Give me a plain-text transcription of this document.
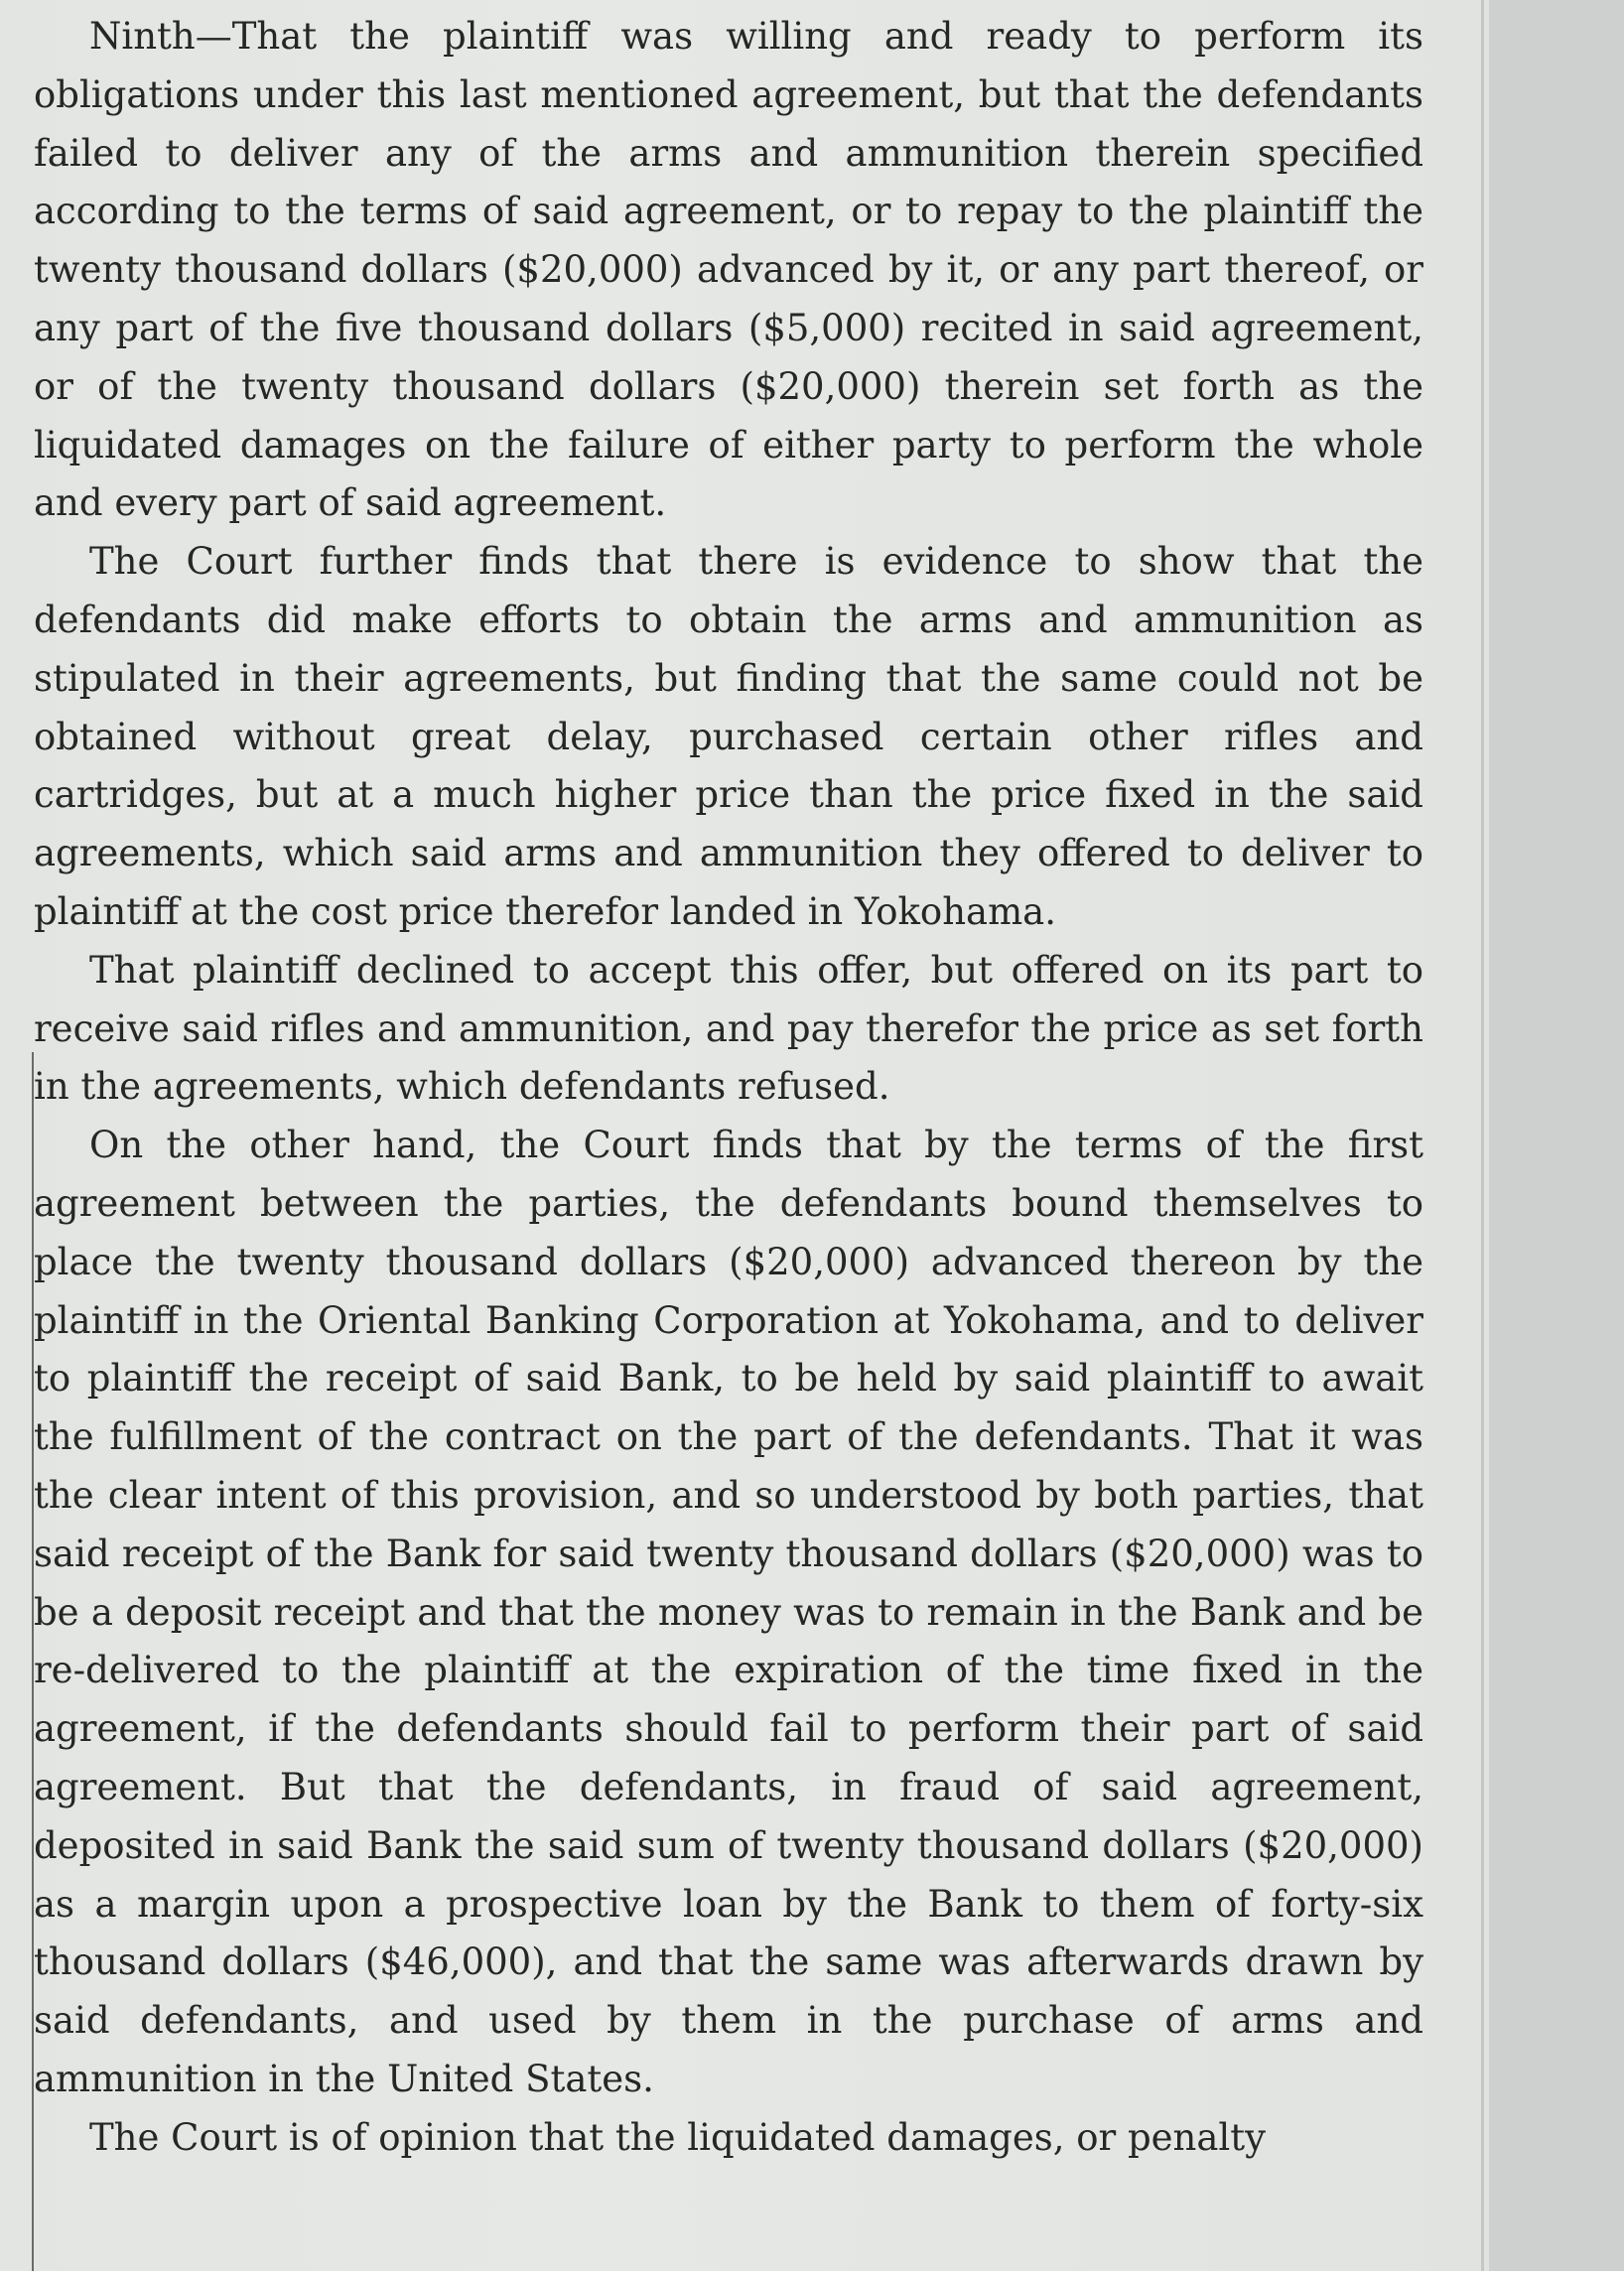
Ninth—That the plaintiff was willing and ready to perform its obligations under this last mentioned agreement, but that the defendants failed to deliver any of the arms and ammunition therein specified according to the terms of said agreement, or to repay to the plaintiff the twenty thousand dollars ($20,000) advanced by it, or any part thereof, or any part of the five thousand dollars ($5,000) recited in said agreement, or of the twenty thousand dollars ($20,000) therein set forth as the liquidated damages on the failure of either party to perform the whole and every part of said agreement.

The Court further finds that there is evidence to show that the defendants did make efforts to obtain the arms and ammunition as stipulated in their agreements, but finding that the same could not be obtained without great delay, purchased certain other rifles and cartridges, but at a much higher price than the price fixed in the said agreements, which said arms and ammunition they offered to deliver to plaintiff at the cost price therefor landed in Yokohama.

That plaintiff declined to accept this offer, but offered on its part to receive said rifles and ammunition, and pay therefor the price as set forth in the agreements, which defendants refused.

On the other hand, the Court finds that by the terms of the first agreement between the parties, the defendants bound themselves to place the twenty thousand dollars ($20,000) advanced thereon by the plaintiff in the Oriental Banking Corporation at Yokohama, and to deliver to plaintiff the receipt of said Bank, to be held by said plaintiff to await the fulfillment of the contract on the part of the defendants. That it was the clear intent of this provision, and so understood by both parties, that said receipt of the Bank for said twenty thousand dollars ($20,000) was to be a deposit receipt and that the money was to remain in the Bank and be re-delivered to the plaintiff at the expiration of the time fixed in the agreement, if the defendants should fail to perform their part of said agreement. But that the defendants, in fraud of said agreement, deposited in said Bank the said sum of twenty thousand dollars ($20,000) as a margin upon a prospective loan by the Bank to them of forty-six thousand dollars ($46,000), and that the same was afterwards drawn by said defendants, and used by them in the purchase of arms and ammunition in the United States.

The Court is of opinion that the liquidated damages, or penalty
